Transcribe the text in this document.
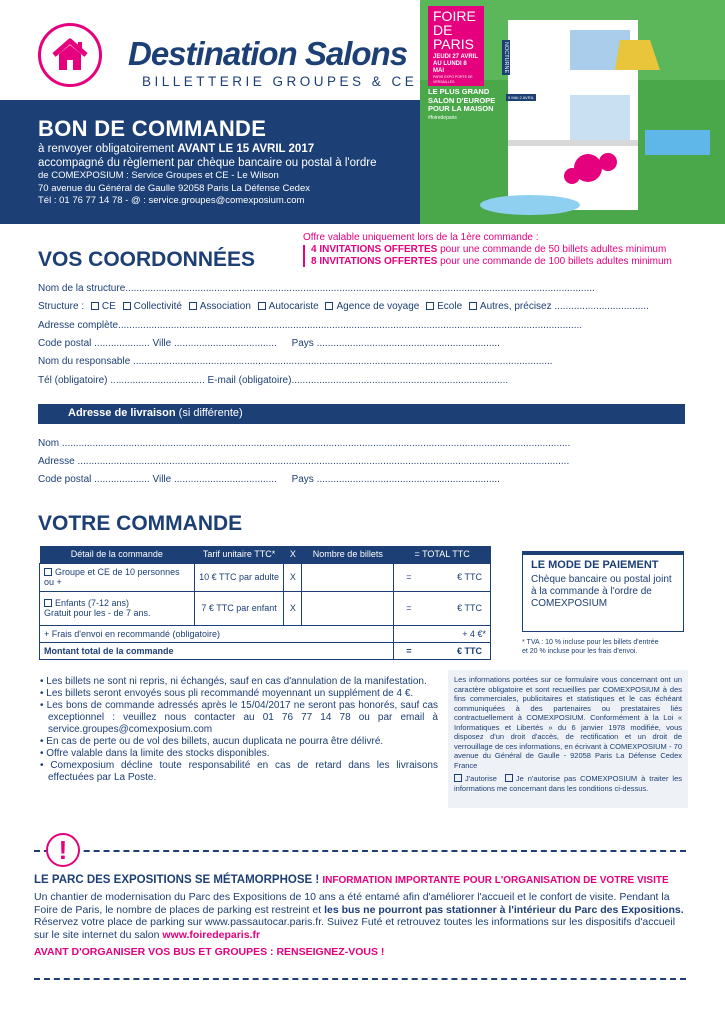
Destination Salons
BILLETTERIE GROUPES & CE
BON DE COMMANDE
à renvoyer obligatoirement AVANT LE 15 AVRIL 2017
accompagné du règlement par chèque bancaire ou postal à l'ordre
de COMEXPOSIUM : Service Groupes et CE - Le Wilson
70 avenue du Général de Gaulle 92058 Paris La Défense Cedex
Tél : 01 76 77 14 78 - @ : service.groupes@comexposium.com
FOIRE
DE
PARIS
JEUDI 27 AVRIL
AU LUNDI 8 MAI
PARIS EXPO PORTE DE VERSAILLES
LE PLUS GRAND
SALON D'EUROPE
POUR LA MAISON
#foiredeparis
NOCTURNE
5 MAI 2 AVRIL
Offre valable uniquement lors de la 1ère commande :
4 INVITATIONS OFFERTES pour une commande de 50 billets adultes minimum
8 INVITATIONS OFFERTES pour une commande de 100 billets adultes minimum
VOS COORDONNÉES
Nom de la structure.........................................................................................................................................................................
Structure : CE Collectivité Association Autocariste Agence de voyage Ecole Autres, précisez ..................................
Adresse complète.......................................................................................................................................................................
Code postal .................... Ville ..................................... Pays ..................................................................
Nom du responsable .......................................................................................................................................................
Tél (obligatoire) .................................. E-mail (obligatoire)..............................................................................
Adresse de livraison (si différente)
Nom .......................................................................................................................................................................................
Adresse .................................................................................................................................................................................
Code postal .................... Ville ..................................... Pays ..................................................................
VOTRE COMMANDE
Détail de la commande	Tarif unitaire TTC*	X	Nombre de billets	= TOTAL TTC
Groupe et CE de 10 personnes ou +	10 € TTC par adulte	X		= € TTC

Enfants (7-12 ans)
Gratuit pour les - de 7 ans.	7 € TTC par enfant	X		= € TTC

+ Frais d'envoi en recommandé (obligatoire)				+ 4 €*
Montant total de la commande				= € TTC
LE MODE DE PAIEMENT
Chèque bancaire ou postal joint à la commande à l'ordre de COMEXPOSIUM
* TVA : 10 % incluse pour les billets d'entrée
et 20 % incluse pour les frais d'envoi.
• Les billets ne sont ni repris, ni échangés, sauf en cas d'annulation de la manifestation.
• Les billets seront envoyés sous pli recommandé moyennant un supplément de 4 €.
• Les bons de commande adressés après le 15/04/2017 ne seront pas honorés, sauf cas exceptionnel : veuillez nous contacter au 01 76 77 14 78 ou par email à service.groupes@comexposium.com
• En cas de perte ou de vol des billets, aucun duplicata ne pourra être délivré.
• Offre valable dans la limite des stocks disponibles.
• Comexposium décline toute responsabilité en cas de retard dans les livraisons effectuées par La Poste.
Les informations portées sur ce formulaire vous concernant ont un caractère obligatoire et sont recueillies par COMEXPOSIUM à des fins commerciales, publicitaires et statistiques et le cas échéant communiquées à des partenaires ou prestataires liés contractuellement à COMEXPOSIUM. Conformément à la Loi « Informatiques et Libertés » du 6 janvier 1978 modifiée, vous disposez d'un droit d'accès, de rectification et un droit de verrouillage de ces informations, en écrivant à COMEXPOSIUM - 70 avenue du Général de Gaulle - 92058 Paris La Défense Cedex France
J'autorise	Je n'autorise pas COMEXPOSIUM à traiter les informations me concernant dans les conditions ci-dessus.
!
LE PARC DES EXPOSITIONS SE MÉTAMORPHOSE ! INFORMATION IMPORTANTE POUR L'ORGANISATION DE VOTRE VISITE
Un chantier de modernisation du Parc des Expositions de 10 ans a été entamé afin d'améliorer l'accueil et le confort de visite. Pendant la Foire de Paris, le nombre de places de parking est restreint et les bus ne pourront pas stationner à l'intérieur du Parc des Expositions. Réservez votre place de parking sur www.passautocar.paris.fr. Suivez Futé et retrouvez toutes les informations sur les dispositifs d'accueil sur le site internet du salon www.foiredeparis.fr
AVANT D'ORGANISER VOS BUS ET GROUPES : RENSEIGNEZ-VOUS !
